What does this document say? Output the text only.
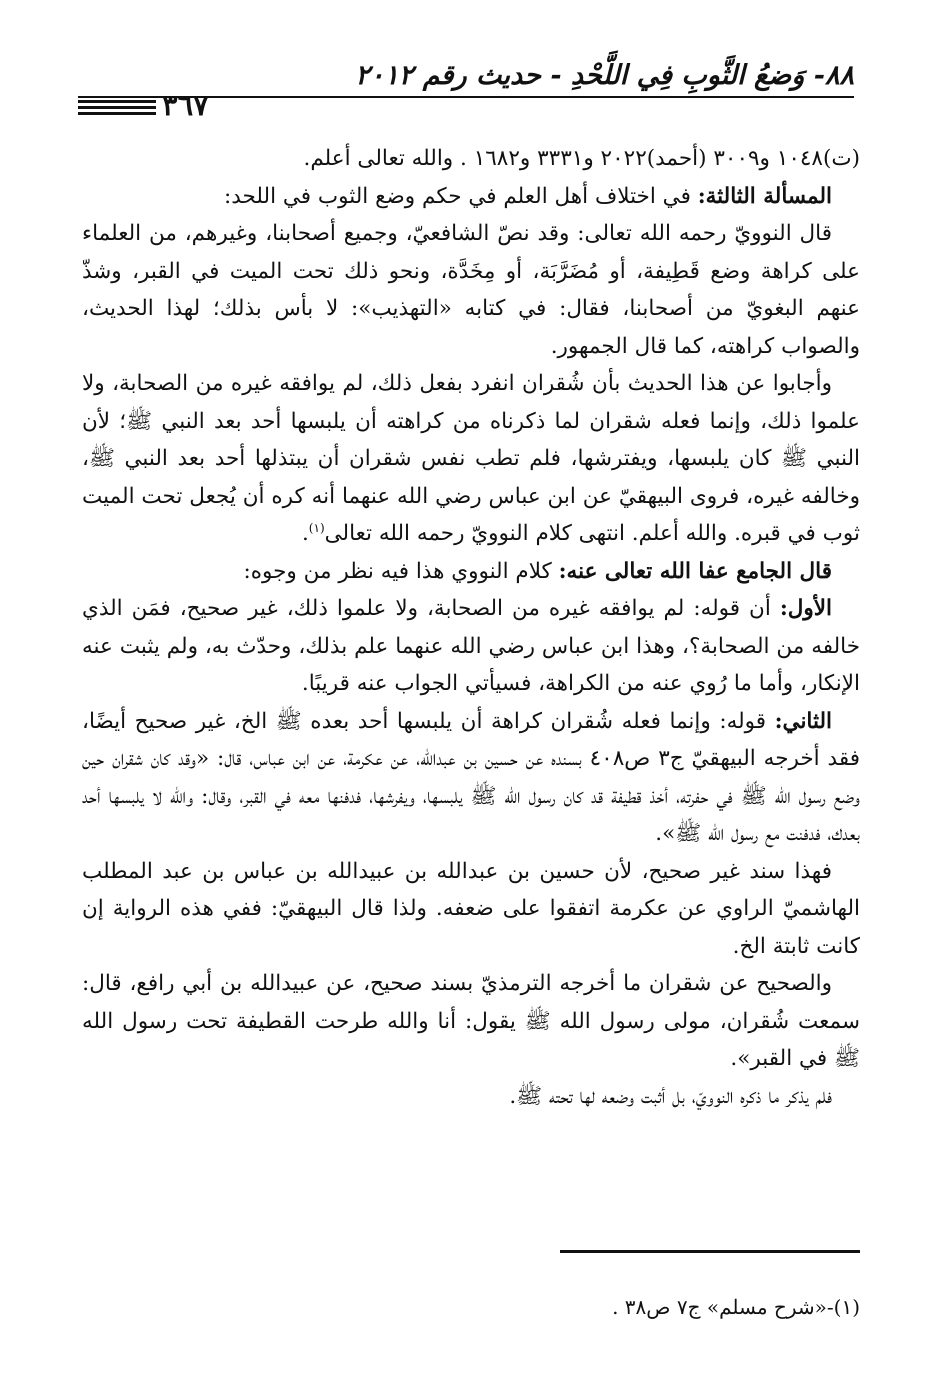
٨٨- وَضعُ الثَّوبِ فِي اللَّحْدِ - حديث رقم ٢٠١٢
٣٦٧

(ت)١٠٤٨ و٣٠٠٩ (أحمد)٢٠٢٢ و٣٣٣١ و١٦٨٢ . والله تعالى أعلم.

المسألة الثالثة: في اختلاف أهل العلم في حكم وضع الثوب في اللحد:

قال النوويّ رحمه الله تعالى: وقد نصّ الشافعيّ، وجميع أصحابنا، وغيرهم، من العلماء على كراهة وضع قَطِيفة، أو مُضَرَّبَة، أو مِخَدَّة، ونحو ذلك تحت الميت في القبر، وشذّ عنهم البغويّ من أصحابنا، فقال: في كتابه «التهذيب»: لا بأس بذلك؛ لهذا الحديث، والصواب كراهته، كما قال الجمهور.

وأجابوا عن هذا الحديث بأن شُقران انفرد بفعل ذلك، لم يوافقه غيره من الصحابة، ولا علموا ذلك، وإنما فعله شقران لما ذكرناه من كراهته أن يلبسها أحد بعد النبي ﷺ؛ لأن النبي ﷺ كان يلبسها، ويفترشها، فلم تطب نفس شقران أن يبتذلها أحد بعد النبي ﷺ، وخالفه غيره، فروى البيهقيّ عن ابن عباس رضي الله عنهما أنه كره أن يُجعل تحت الميت ثوب في قبره. والله أعلم. انتهى كلام النوويّ رحمه الله تعالى$^{(١)}$.

قال الجامع عفا الله تعالى عنه: كلام النووي هذا فيه نظر من وجوه:

الأول: أن قوله: لم يوافقه غيره من الصحابة، ولا علموا ذلك، غير صحيح، فمَن الذي خالفه من الصحابة؟، وهذا ابن عباس رضي الله عنهما علم بذلك، وحدّث به، ولم يثبت عنه الإنكار، وأما ما رُوي عنه من الكراهة، فسيأتي الجواب عنه قريبًا.

الثاني: قوله: وإنما فعله شُقران كراهة أن يلبسها أحد بعده ﷺ الخ، غير صحيح أيضًا، فقد أخرجه البيهقيّ ج٣ ص٤٠٨ بسنده عن حسين بن عبدالله، عن عكرمة، عن ابن عباس، قال: «وقد كان شقران حين وضع رسول الله ﷺ في حفرته، أخذ قطيفة قد كان رسول الله ﷺ يلبسها، ويفرشها، فدفنها معه في القبر، وقال: والله لا يلبسها أحد بعدك، فدفنت مع رسول الله ﷺ».

فهذا سند غير صحيح، لأن حسين بن عبدالله بن عبيدالله بن عباس بن عبد المطلب الهاشميّ الراوي عن عكرمة اتفقوا على ضعفه. ولذا قال البيهقيّ: ففي هذه الرواية إن كانت ثابتة الخ.

والصحيح عن شقران ما أخرجه الترمذيّ بسند صحيح، عن عبيدالله بن أبي رافع، قال: سمعت شُقران، مولى رسول الله ﷺ يقول: أنا والله طرحت القطيفة تحت رسول الله ﷺ في القبر».

فلم يذكر ما ذكره النوويّ، بل أثبت وضعه لها تحته ﷺ.

(١)-«شرح مسلم» ج٧ ص٣٨ .
